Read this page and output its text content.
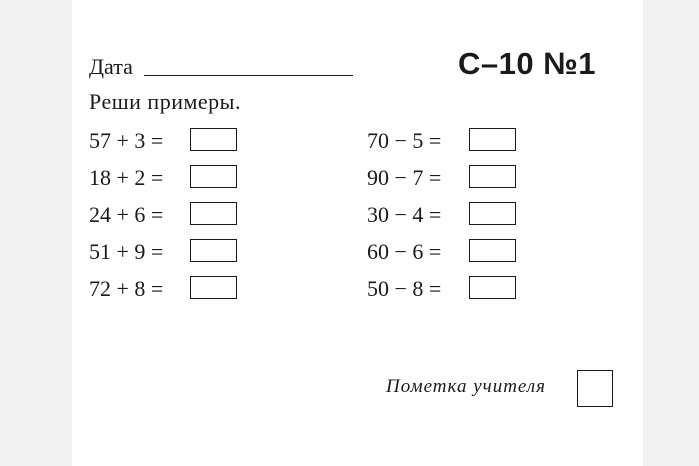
Дата	С–10 №1
Реши примеры.
57 + 3 =
18 + 2 =
24 + 6 =
51 + 9 =
72 + 8 =
70 − 5 =
90 − 7 =
30 − 4 =
60 − 6 =
50 − 8 =
Пометка учителя
